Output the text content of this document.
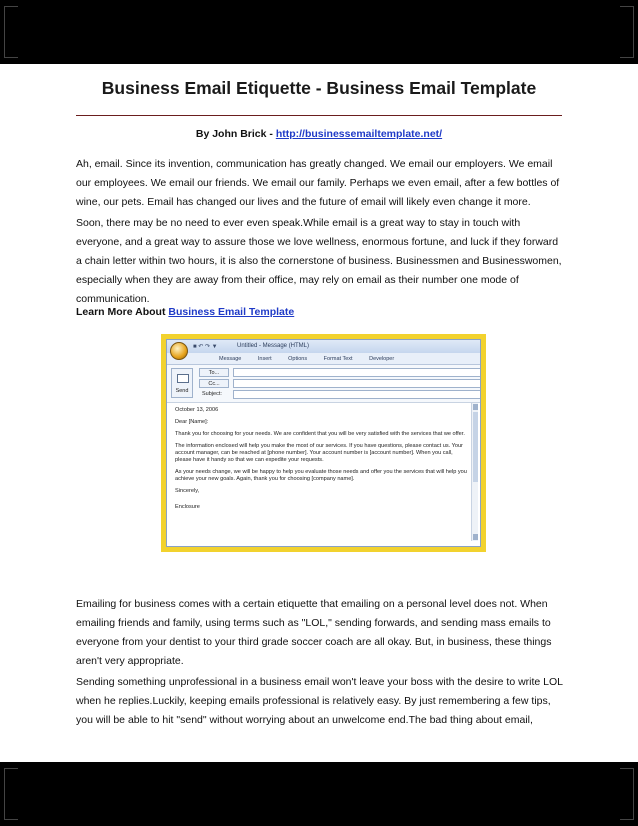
Business Email Etiquette - Business Email Template
By John Brick - http://businessemailtemplate.net/

Ah, email. Since its invention, communication has greatly changed. We email our employers. We email our employees. We email our friends. We email our family. Perhaps we even email, after a few bottles of wine, our pets. Email has changed our lives and the future of email will likely even change it more.

Soon, there may be no need to ever even speak.While email is a great way to stay in touch with everyone, and a great way to assure those we love wellness, enormous fortune, and luck if they forward a chain letter within two hours, it is also the cornerstone of business. Businessmen and Businesswomen, especially when they are away from their office, may rely on email as their number one mode of communication.

Learn More About Business Email Template
■ ↶ ↷ ▼	Untitled - Message (HTML)
Message	Insert	Options	Format Text	Developer
Send
To...
Cc...
Subject:

October 13, 2006

Dear [Name]:

Thank you for choosing for your needs. We are confident that you will be very satisfied with the services that we offer.

The information enclosed will help you make the most of our services. If you have questions, please contact us. Your account manager, can be reached at [phone number]. Your account number is [account number]. When you call, please have it handy so that we can expedite your requests.

As your needs change, we will be happy to help you evaluate those needs and offer you the services that will help you achieve your new goals. Again, thank you for choosing [company name].

Sincerely,

Enclosure

Emailing for business comes with a certain etiquette that emailing on a personal level does not. When emailing friends and family, using terms such as "LOL," sending forwards, and sending mass emails to everyone from your dentist to your third grade soccer coach are all okay. But, in business, these things aren't very appropriate.

Sending something unprofessional in a business email won't leave your boss with the desire to write LOL when he replies.Luckily, keeping emails professional is relatively easy. By just remembering a few tips, you will be able to hit "send" without worrying about an unwelcome end.The bad thing about email,
